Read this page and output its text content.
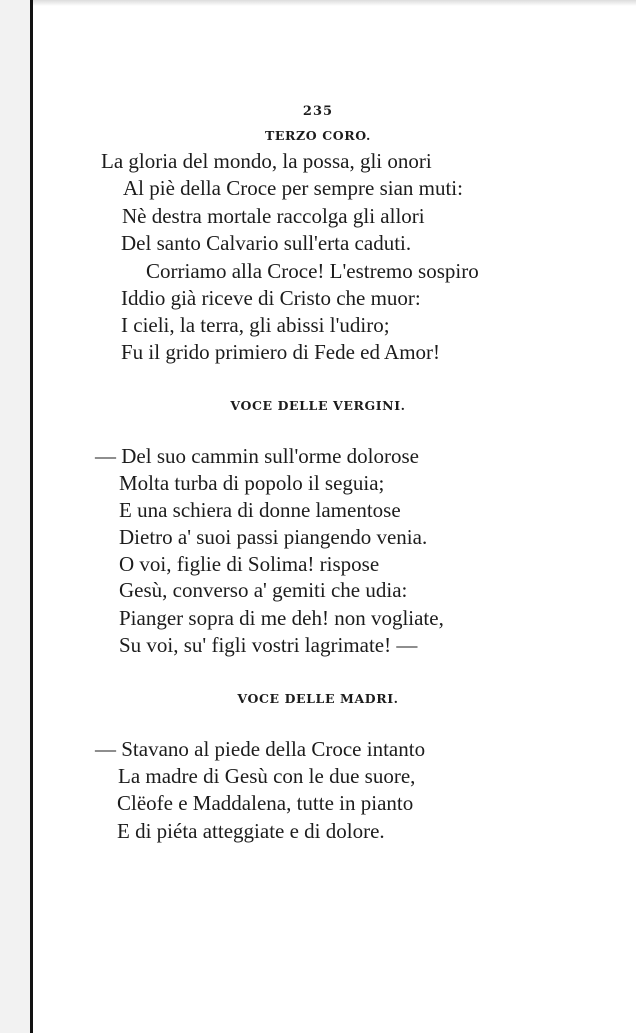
235
TERZO CORO.
La gloria del mondo, la possa, gli onori
Al piè della Croce per sempre sian muti:
Nè destra mortale raccolga gli allori
Del santo Calvario sull'erta caduti.
Corriamo alla Croce! L'estremo sospiro
Iddio già riceve di Cristo che muor:
I cieli, la terra, gli abissi l'udiro;
Fu il grido primiero di Fede ed Amor!
VOCE DELLE VERGINI.
— Del suo cammin sull'orme dolorose
Molta turba di popolo il seguia;
E una schiera di donne lamentose
Dietro a' suoi passi piangendo venia.
O voi, figlie di Solima! rispose
Gesù, converso a' gemiti che udia:
Pianger sopra di me deh! non vogliate,
Su voi, su' figli vostri lagrimate! —
VOCE DELLE MADRI.
— Stavano al piede della Croce intanto
La madre di Gesù con le due suore,
Clëofe e Maddalena, tutte in pianto
E di piéta atteggiate e di dolore.
